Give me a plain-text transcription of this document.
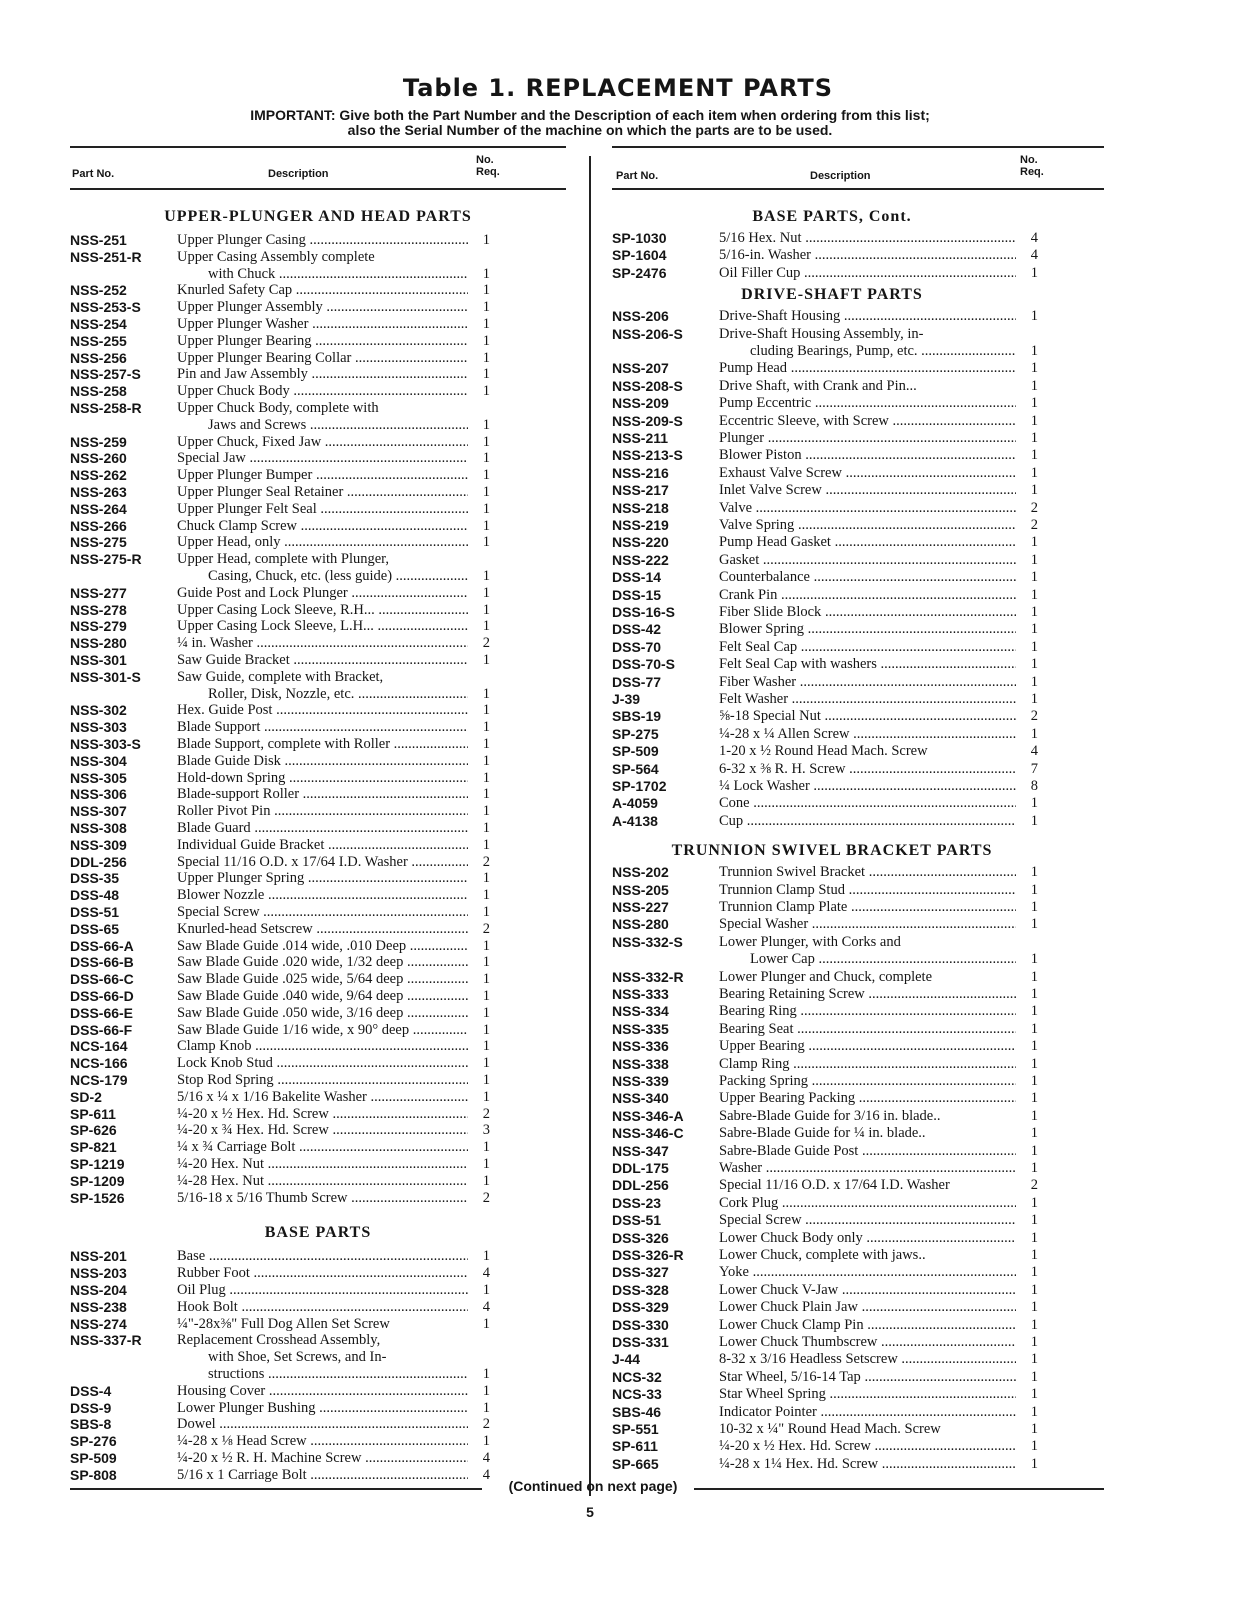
Table 1. REPLACEMENT PARTS
IMPORTANT: Give both the Part Number and the Description of each item when ordering from this list;
also the Serial Number of the machine on which the parts are to be used.
Part No.	Description
No.
Req.
UPPER-PLUNGER AND HEAD PARTS
NSS-251	Upper Plunger Casing .....	1
NSS-251-R Upper Casing Assembly complete
with Chuck .....	1
NSS-252	Knurled Safety Cap .....	1
NSS-253-S Upper Plunger Assembly .....	1
NSS-254	Upper Plunger Washer .....	1
NSS-255	Upper Plunger Bearing .....	1
NSS-256	Upper Plunger Bearing Collar .....	1
NSS-257-S Pin and Jaw Assembly .....	1
NSS-258	Upper Chuck Body .....	1
NSS-258-R Upper Chuck Body, complete with
Jaws and Screws .....	1
NSS-259	Upper Chuck, Fixed Jaw .....	1
NSS-260	Special Jaw .....	1
NSS-262	Upper Plunger Bumper .....	1
NSS-263	Upper Plunger Seal Retainer .....	1
NSS-264	Upper Plunger Felt Seal .....	1
NSS-266	Chuck Clamp Screw .....	1
NSS-275	Upper Head, only .....	1
NSS-275-R Upper Head, complete with Plunger,
Casing, Chuck, etc. (less guide) .....	1
NSS-277	Guide Post and Lock Plunger .....	1
NSS-278	Upper Casing Lock Sleeve, R.H... .....	1
NSS-279	Upper Casing Lock Sleeve, L.H... .....	1
NSS-280	¼ in. Washer .....	2
NSS-301	Saw Guide Bracket .....	1
NSS-301-S Saw Guide, complete with Bracket,
Roller, Disk, Nozzle, etc. .....	1
NSS-302	Hex. Guide Post .....	1
NSS-303	Blade Support .....	1
NSS-303-S Blade Support, complete with Roller .....	1
NSS-304	Blade Guide Disk .....	1
NSS-305	Hold-down Spring .....	1
NSS-306	Blade-support Roller .....	1
NSS-307	Roller Pivot Pin .....	1
NSS-308	Blade Guard .....	1
NSS-309	Individual Guide Bracket .....	1
DDL-256	Special 11/16 O.D. x 17/64 I.D. Washer .....	2
DSS-35	Upper Plunger Spring .....	1
DSS-48	Blower Nozzle .....	1
DSS-51	Special Screw .....	1
DSS-65	Knurled-head Setscrew .....	2
DSS-66-A	Saw Blade Guide .014 wide, .010 Deep .....	1
DSS-66-B	Saw Blade Guide .020 wide, 1/32 deep .....	1
DSS-66-C	Saw Blade Guide .025 wide, 5/64 deep .....	1
DSS-66-D	Saw Blade Guide .040 wide, 9/64 deep .....	1
DSS-66-E	Saw Blade Guide .050 wide, 3/16 deep .....	1
DSS-66-F	Saw Blade Guide 1/16 wide, x 90° deep .....	1
NCS-164	Clamp Knob .....	1
NCS-166	Lock Knob Stud .....	1
NCS-179	Stop Rod Spring .....	1
SD-2	5/16 x ¼ x 1/16 Bakelite Washer .....	1
SP-611	¼-20 x ½ Hex. Hd. Screw .....	2
SP-626	¼-20 x ¾ Hex. Hd. Screw .....	3
SP-821	¼ x ¾ Carriage Bolt .....	1
SP-1219	¼-20 Hex. Nut .....	1
SP-1209	¼-28 Hex. Nut .....	1
SP-1526	5/16-18 x 5/16 Thumb Screw .....	2
BASE PARTS
NSS-201	Base .....	1
NSS-203	Rubber Foot .....	4
NSS-204	Oil Plug .....	1
NSS-238	Hook Bolt .....	4
NSS-274	¼"-28x⅜" Full Dog Allen Set Screw	1
NSS-337-R Replacement Crosshead Assembly,
with Shoe, Set Screws, and In-
structions .....	1
DSS-4	Housing Cover .....	1
DSS-9	Lower Plunger Bushing .....	1
SBS-8	Dowel .....	2
SP-276	¼-28 x ⅛ Head Screw .....	1
SP-509	¼-20 x ½ R. H. Machine Screw .....	4
SP-808	5/16 x 1 Carriage Bolt .....	4
Part No.	Description
No.
Req.
BASE PARTS, Cont.
SP-1030	5/16 Hex. Nut .....	4
SP-1604	5/16-in. Washer .....	4
SP-2476	Oil Filler Cup .....	1
DRIVE-SHAFT PARTS
NSS-206	Drive-Shaft Housing .....	1
NSS-206-S Drive-Shaft Housing Assembly, in-
cluding Bearings, Pump, etc. .....	1
NSS-207	Pump Head .....	1
NSS-208-S Drive Shaft, with Crank and Pin...	1
NSS-209	Pump Eccentric .....	1
NSS-209-S Eccentric Sleeve, with Screw .....	1
NSS-211	Plunger .....	1
NSS-213-S Blower Piston .....	1
NSS-216	Exhaust Valve Screw .....	1
NSS-217	Inlet Valve Screw .....	1
NSS-218	Valve .....	2
NSS-219	Valve Spring .....	2
NSS-220	Pump Head Gasket .....	1
NSS-222	Gasket .....	1
DSS-14	Counterbalance .....	1
DSS-15	Crank Pin .....	1
DSS-16-S	Fiber Slide Block .....	1
DSS-42	Blower Spring .....	1
DSS-70	Felt Seal Cap .....	1
DSS-70-S	Felt Seal Cap with washers .....	1
DSS-77	Fiber Washer .....	1
J-39	Felt Washer .....	1
SBS-19	⅝-18 Special Nut .....	2
SP-275	¼-28 x ¼ Allen Screw .....	1
SP-509	1-20 x ½ Round Head Mach. Screw	4
SP-564	6-32 x ⅜ R. H. Screw .....	7
SP-1702	¼ Lock Washer .....	8
A-4059	Cone .....	1
A-4138	Cup .....	1
TRUNNION SWIVEL BRACKET PARTS
NSS-202	Trunnion Swivel Bracket .....	1
NSS-205	Trunnion Clamp Stud .....	1
NSS-227	Trunnion Clamp Plate .....	1
NSS-280	Special Washer .....	1
NSS-332-S Lower Plunger, with Corks and
Lower Cap .....	1
NSS-332-R Lower Plunger and Chuck, complete	1
NSS-333	Bearing Retaining Screw .....	1
NSS-334	Bearing Ring .....	1
NSS-335	Bearing Seat .....	1
NSS-336	Upper Bearing .....	1
NSS-338	Clamp Ring .....	1
NSS-339	Packing Spring .....	1
NSS-340	Upper Bearing Packing .....	1
NSS-346-A Sabre-Blade Guide for 3/16 in. blade..	1
NSS-346-C Sabre-Blade Guide for ¼ in. blade..	1
NSS-347	Sabre-Blade Guide Post .....	1
DDL-175	Washer .....	1
DDL-256	Special 11/16 O.D. x 17/64 I.D. Washer	2
DSS-23	Cork Plug .....	1
DSS-51	Special Screw .....	1
DSS-326	Lower Chuck Body only .....	1
DSS-326-R Lower Chuck, complete with jaws..	1
DSS-327	Yoke .....	1
DSS-328	Lower Chuck V-Jaw .....	1
DSS-329	Lower Chuck Plain Jaw .....	1
DSS-330	Lower Chuck Clamp Pin .....	1
DSS-331	Lower Chuck Thumbscrew .....	1
J-44	8-32 x 3/16 Headless Setscrew .....	1
NCS-32	Star Wheel, 5/16-14 Tap .....	1
NCS-33	Star Wheel Spring .....	1
SBS-46	Indicator Pointer .....	1
SP-551	10-32 x ¼" Round Head Mach. Screw	1
SP-611	¼-20 x ½ Hex. Hd. Screw .....	1
SP-665	¼-28 x 1¼ Hex. Hd. Screw .....	1
(Continued on next page)
5
